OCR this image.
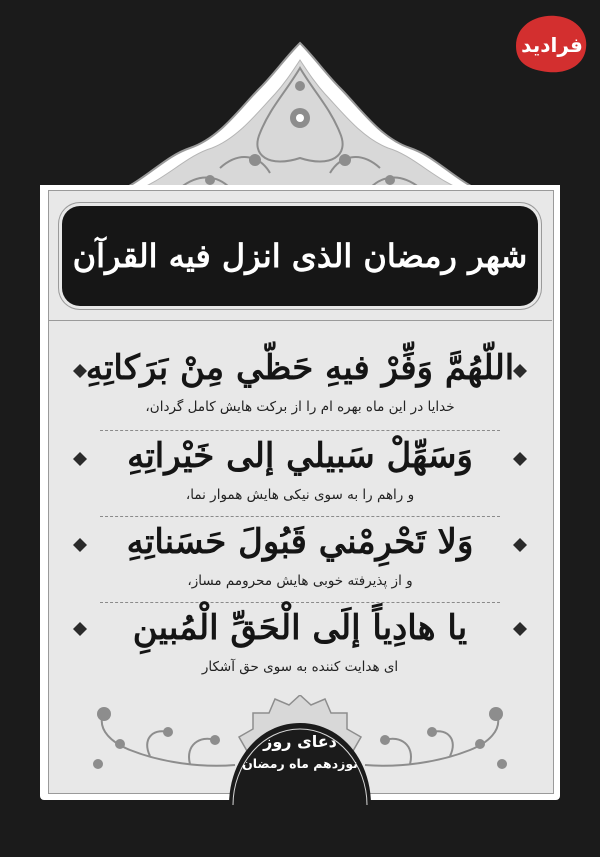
فرادید
شهر رمضان الذی انزل فیه القرآن
اللّهُمَّ وَفِّرْ فيهِ حَظّي مِنْ بَرَكاتِهِ
خدایا در این ماه بهره ام را از برکت هایش کامل گردان،
وَسَهِّلْ سَبيلي إلى خَيْراتِهِ
و راهم را به سوی نیکی هایش هموار نما،
وَلا تَحْرِمْني قَبُولَ حَسَناتِهِ
و از پذیرفته خوبی هایش محرومم مساز،
يا هادِياً إلَى الْحَقِّ الْمُبينِ
ای هدایت کننده به سوی حق آشکار
دعای روز
نوزدهم ماه رمضان
